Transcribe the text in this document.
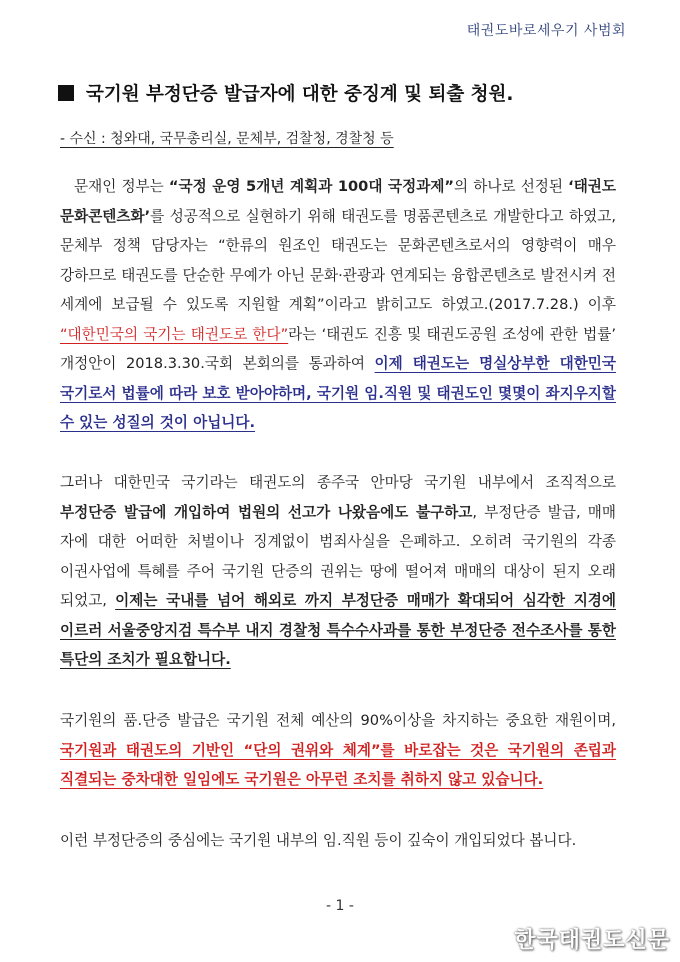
태권도바로세우기 사범회
국기원 부정단증 발급자에 대한 중징계 및 퇴출 청원.
- 수신 : 청와대, 국무총리실, 문체부, 검찰청, 경찰청 등
문재인 정부는 “국정 운영 5개년 계획과 100대 국정과제”의 하나로 선정된 ‘태권도 문화콘텐츠화’를 성공적으로 실현하기 위해 태권도를 명품콘텐츠로 개발한다고 하였고, 문체부 정책 담당자는 “한류의 원조인 태권도는 문화콘텐츠로서의 영향력이 매우 강하므로 태권도를 단순한 무예가 아닌 문화·관광과 연계되는 융합콘텐츠로 발전시켜 전 세계에 보급될 수 있도록 지원할 계획”이라고 밝히고도 하였고.(2017.7.28.) 이후 “대한민국의 국기는 태권도로 한다”라는 ‘태권도 진흥 및 태권도공원 조성에 관한 법률’ 개정안이 2018.3.30.국회 본회의를 통과하여 이제 태권도는 명실상부한 대한민국 국기로서 법률에 따라 보호 받아야하며, 국기원 임.직원 및 태권도인 몇몇이 좌지우지할 수 있는 성질의 것이 아닙니다.
그러나 대한민국 국기라는 태권도의 종주국 안마당 국기원 내부에서 조직적으로 부정단증 발급에 개입하여 법원의 선고가 나왔음에도 불구하고, 부정단증 발급, 매매 자에 대한 어떠한 처벌이나 징계없이 범죄사실을 은폐하고. 오히려 국기원의 각종 이권사업에 특혜를 주어 국기원 단증의 권위는 땅에 떨어져 매매의 대상이 된지 오래 되었고, 이제는 국내를 넘어 해외로 까지 부정단증 매매가 확대되어 심각한 지경에 이르러 서울중앙지검 특수부 내지 경찰청 특수수사과를 통한 부정단증 전수조사를 통한 특단의 조치가 필요합니다.
국기원의 품.단증 발급은 국기원 전체 예산의 90%이상을 차지하는 중요한 재원이며, 국기원과 태권도의 기반인 “단의 권위와 체계”를 바로잡는 것은 국기원의 존립과 직결되는 중차대한 일임에도 국기원은 아무런 조치를 취하지 않고 있습니다.
이런 부정단증의 중심에는 국기원 내부의 임.직원 등이 깊숙이 개입되었다 봅니다.
- 1 -
한국태권도신문
